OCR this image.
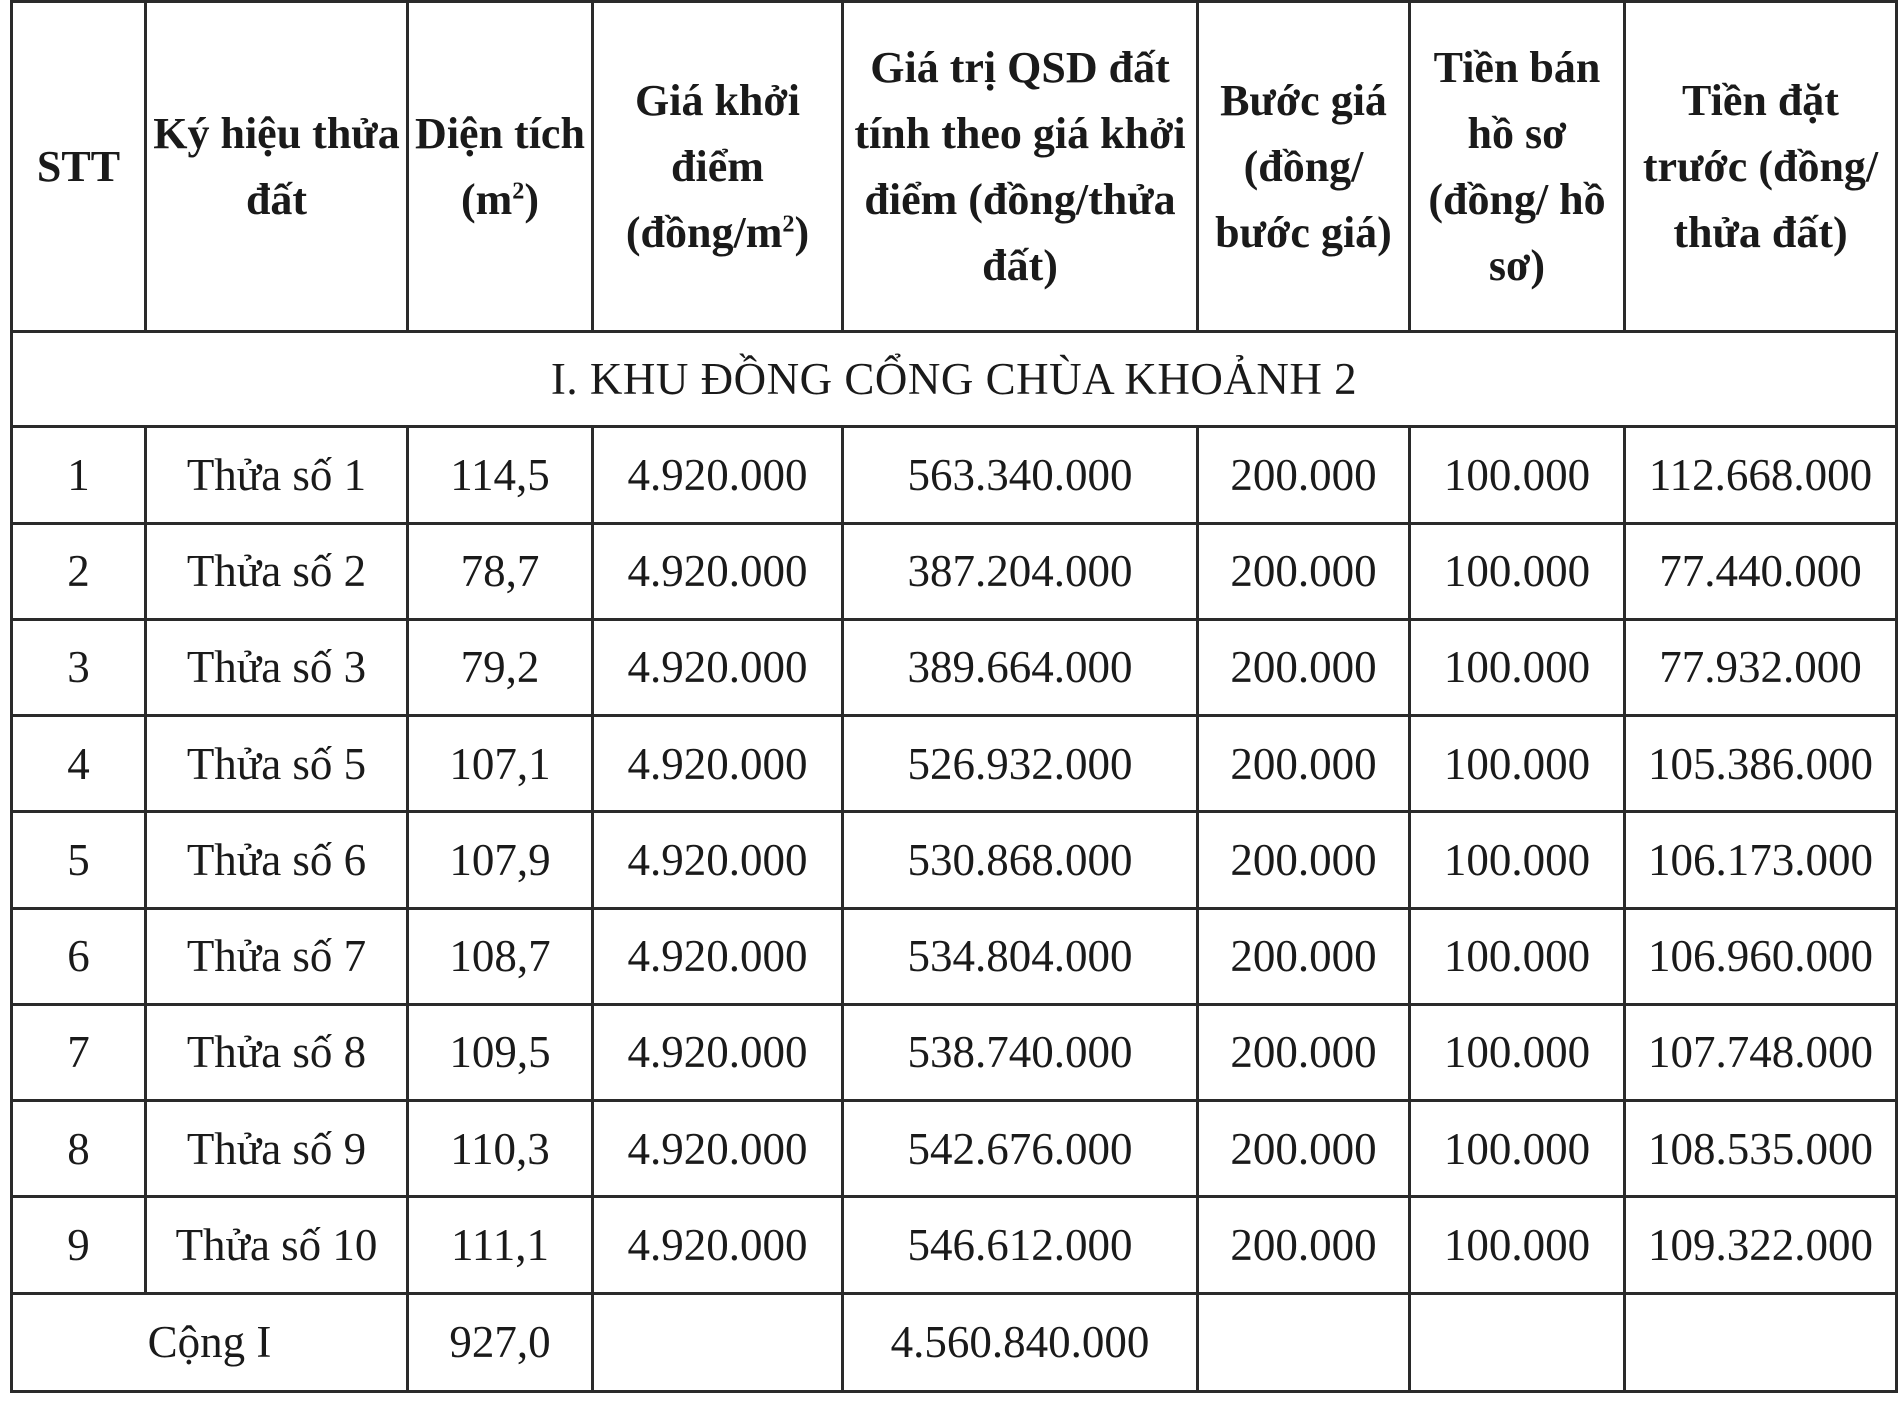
STT	Ký hiệu thửa đất	Diện tích $(m^2)$	Giá khởi điểm $(đồng/m^2)$	Giá trị QSD đất tính theo giá khởi điểm (đồng/thửa đất)	Bước giá (đồng/ bước giá)	Tiền bán hồ sơ (đồng/ hồ sơ)	Tiền đặt trước (đồng/ thửa đất)
I. KHU ĐỒNG CỔNG CHÙA KHOẢNH 2							
1	Thửa số 1	114,5	4.920.000	563.340.000	200.000	100.000	112.668.000
2	Thửa số 2	78,7	4.920.000	387.204.000	200.000	100.000	77.440.000
3	Thửa số 3	79,2	4.920.000	389.664.000	200.000	100.000	77.932.000
4	Thửa số 5	107,1	4.920.000	526.932.000	200.000	100.000	105.386.000
5	Thửa số 6	107,9	4.920.000	530.868.000	200.000	100.000	106.173.000
6	Thửa số 7	108,7	4.920.000	534.804.000	200.000	100.000	106.960.000
7	Thửa số 8	109,5	4.920.000	538.740.000	200.000	100.000	107.748.000
8	Thửa số 9	110,3	4.920.000	542.676.000	200.000	100.000	108.535.000
9	Thửa số 10	111,1	4.920.000	546.612.000	200.000	100.000	109.322.000
Cộng I		927,0		4.560.840.000			
